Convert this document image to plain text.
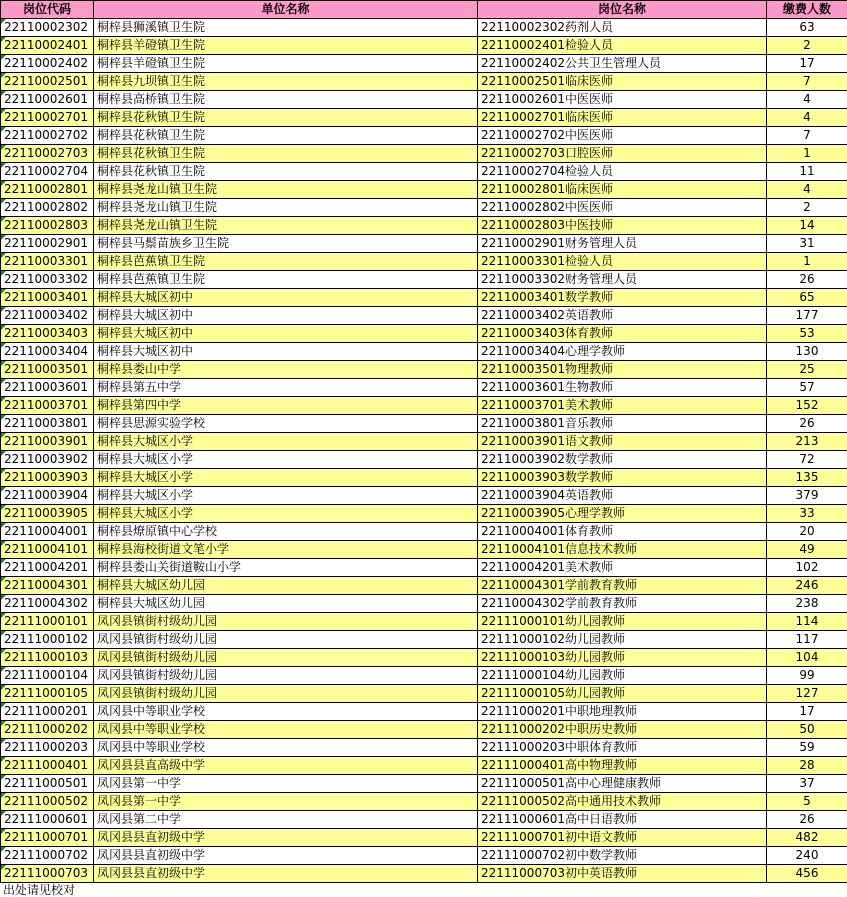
岗位代码	单位名称	岗位名称	缴费人数
22110002302	桐梓县狮溪镇卫生院	22110002302药剂人员	63
22110002401	桐梓县羊磴镇卫生院	22110002401检验人员	2
22110002402	桐梓县羊磴镇卫生院	22110002402公共卫生管理人员	17
22110002501	桐梓县九坝镇卫生院	22110002501临床医师	7
22110002601	桐梓县高桥镇卫生院	22110002601中医医师	4
22110002701	桐梓县花秋镇卫生院	22110002701临床医师	4
22110002702	桐梓县花秋镇卫生院	22110002702中医医师	7
22110002703	桐梓县花秋镇卫生院	22110002703口腔医师	1
22110002704	桐梓县花秋镇卫生院	22110002704检验人员	11
22110002801	桐梓县尧龙山镇卫生院	22110002801临床医师	4
22110002802	桐梓县尧龙山镇卫生院	22110002802中医医师	2
22110002803	桐梓县尧龙山镇卫生院	22110002803中医技师	14
22110002901	桐梓县马鬃苗族乡卫生院	22110002901财务管理人员	31
22110003301	桐梓县芭蕉镇卫生院	22110003301检验人员	1
22110003302	桐梓县芭蕉镇卫生院	22110003302财务管理人员	26
22110003401	桐梓县大城区初中	22110003401数学教师	65
22110003402	桐梓县大城区初中	22110003402英语教师	177
22110003403	桐梓县大城区初中	22110003403体育教师	53
22110003404	桐梓县大城区初中	22110003404心理学教师	130
22110003501	桐梓县娄山中学	22110003501物理教师	25
22110003601	桐梓县第五中学	22110003601生物教师	57
22110003701	桐梓县第四中学	22110003701美术教师	152
22110003801	桐梓县思源实验学校	22110003801音乐教师	26
22110003901	桐梓县大城区小学	22110003901语文教师	213
22110003902	桐梓县大城区小学	22110003902数学教师	72
22110003903	桐梓县大城区小学	22110003903数学教师	135
22110003904	桐梓县大城区小学	22110003904英语教师	379
22110003905	桐梓县大城区小学	22110003905心理学教师	33
22110004001	桐梓县燎原镇中心学校	22110004001体育教师	20
22110004101	桐梓县海校街道文笔小学	22110004101信息技术教师	49
22110004201	桐梓县娄山关街道鞍山小学	22110004201美术教师	102
22110004301	桐梓县大城区幼儿园	22110004301学前教育教师	246
22110004302	桐梓县大城区幼儿园	22110004302学前教育教师	238
22111000101	凤冈县镇街村级幼儿园	22111000101幼儿园教师	114
22111000102	凤冈县镇街村级幼儿园	22111000102幼儿园教师	117
22111000103	凤冈县镇街村级幼儿园	22111000103幼儿园教师	104
22111000104	凤冈县镇街村级幼儿园	22111000104幼儿园教师	99
22111000105	凤冈县镇街村级幼儿园	22111000105幼儿园教师	127
22111000201	凤冈县中等职业学校	22111000201中职地理教师	17
22111000202	凤冈县中等职业学校	22111000202中职历史教师	50
22111000203	凤冈县中等职业学校	22111000203中职体育教师	59
22111000401	凤冈县县直高级中学	22111000401高中物理教师	28
22111000501	凤冈县第一中学	22111000501高中心理健康教师	37
22111000502	凤冈县第一中学	22111000502高中通用技术教师	5
22111000601	凤冈县第二中学	22111000601高中日语教师	26
22111000701	凤冈县县直初级中学	22111000701初中语文教师	482
22111000702	凤冈县县直初级中学	22111000702初中数学教师	240
22111000703	凤冈县县直初级中学	22111000703初中英语教师	456
出处请见校对
